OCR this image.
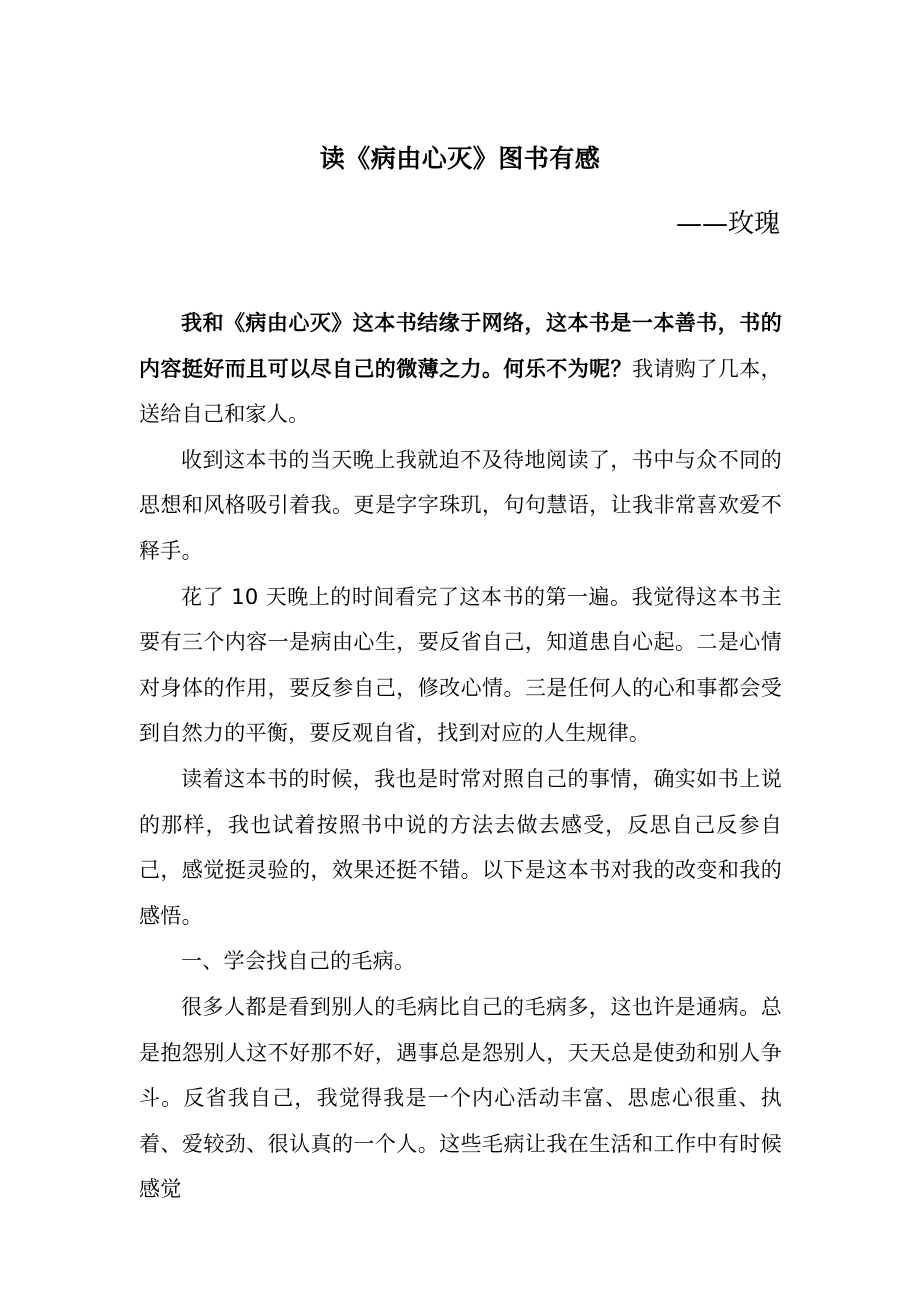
读《病由心灭》图书有感
——玫瑰

我和《病由心灭》这本书结缘于网络，这本书是一本善书，书的内容挺好而且可以尽自己的微薄之力。何乐不为呢？我请购了几本，送给自己和家人。

收到这本书的当天晚上我就迫不及待地阅读了，书中与众不同的思想和风格吸引着我。更是字字珠玑，句句慧语，让我非常喜欢爱不释手。

花了 10 天晚上的时间看完了这本书的第一遍。我觉得这本书主要有三个内容一是病由心生，要反省自己，知道患自心起。二是心情对身体的作用，要反参自己，修改心情。三是任何人的心和事都会受到自然力的平衡，要反观自省，找到对应的人生规律。

读着这本书的时候，我也是时常对照自己的事情，确实如书上说的那样，我也试着按照书中说的方法去做去感受，反思自己反参自己，感觉挺灵验的，效果还挺不错。以下是这本书对我的改变和我的感悟。

一、学会找自己的毛病。

很多人都是看到别人的毛病比自己的毛病多，这也许是通病。总是抱怨别人这不好那不好，遇事总是怨别人，天天总是使劲和别人争斗。反省我自己，我觉得我是一个内心活动丰富、思虑心很重、执着、爱较劲、很认真的一个人。这些毛病让我在生活和工作中有时候感觉
